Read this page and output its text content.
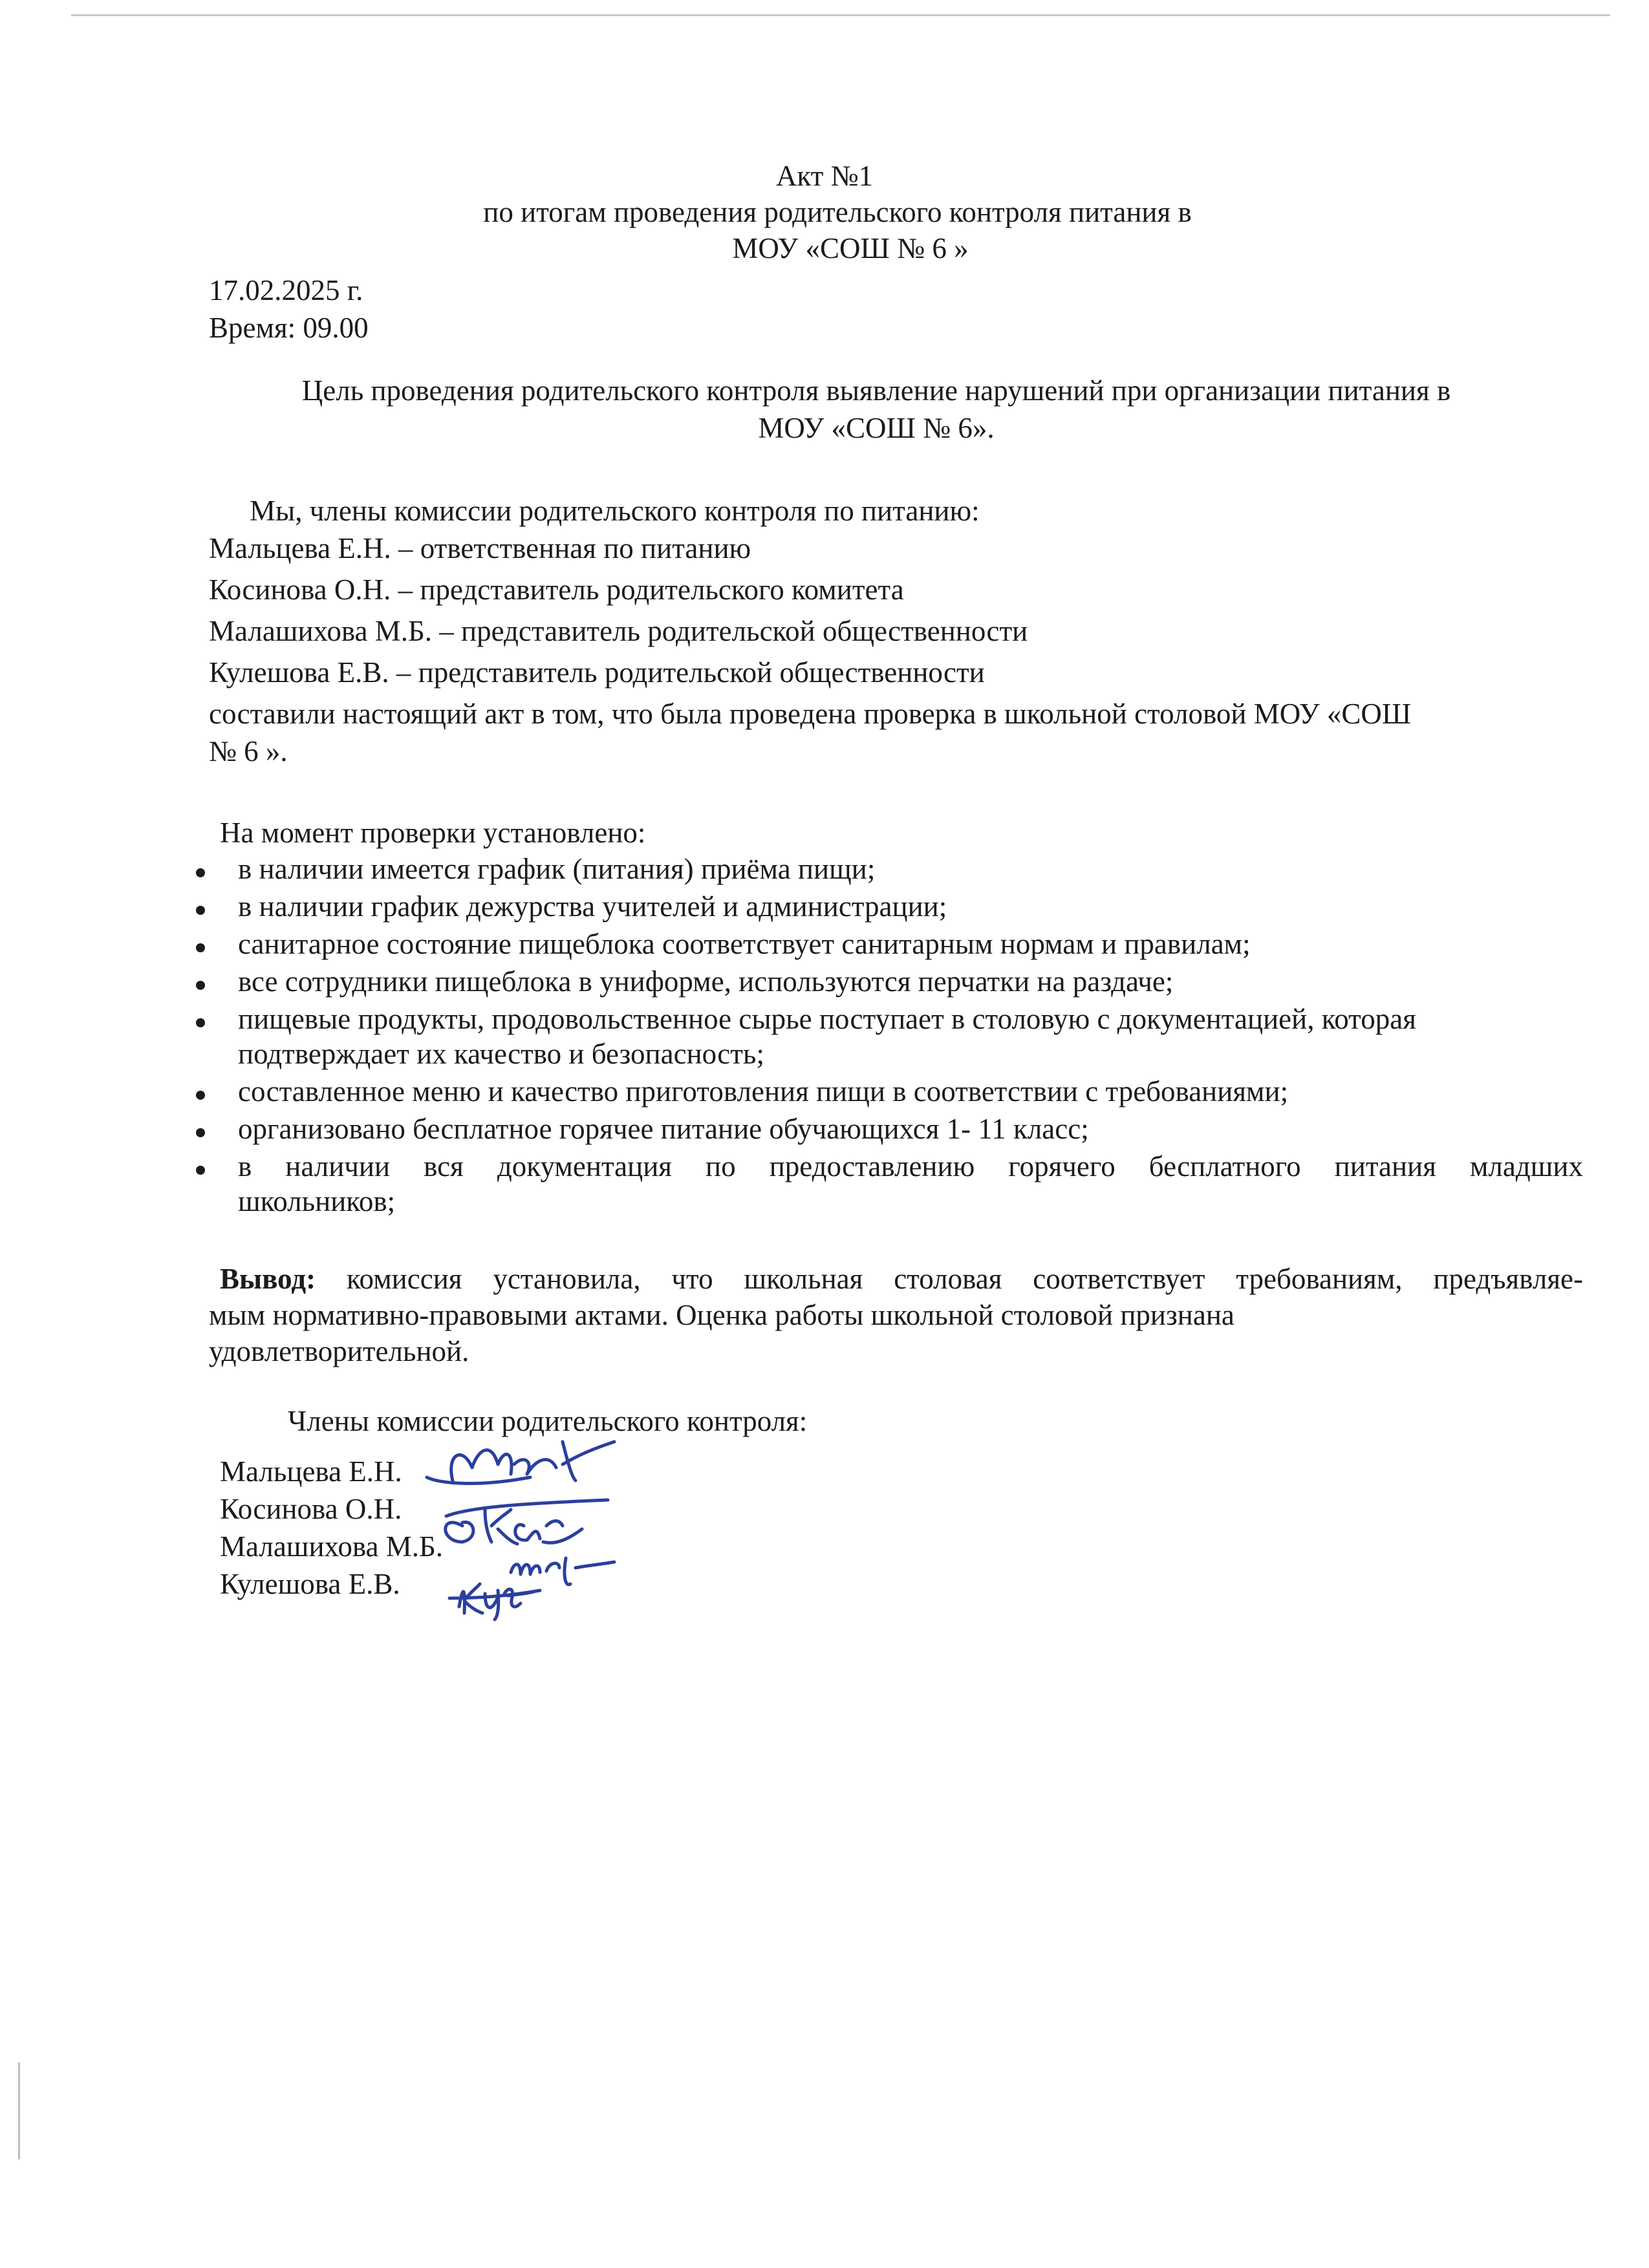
Акт №1
по итогам проведения родительского контроля питания в
МОУ «СОШ № 6 »
17.02.2025 г.
Время: 09.00
Цель проведения родительского контроля выявление нарушений при организации питания в
МОУ «СОШ № 6».
Мы, члены комиссии родительского контроля по питанию:
Мальцева Е.Н. – ответственная по питанию
Косинова О.Н. – представитель родительского комитета
Малашихова М.Б. – представитель родительской общественности
Кулешова Е.В. – представитель родительской общественности
составили настоящий акт в том, что была проведена проверка в школьной столовой МОУ «СОШ
№ 6 ».
На момент проверки установлено:
в наличии имеется график (питания) приёма пищи;
в наличии график дежурства учителей и администрации;
санитарное состояние пищеблока соответствует санитарным нормам и правилам;
все сотрудники пищеблока в униформе, используются перчатки на раздаче;
пищевые продукты, продовольственное сырье поступает в столовую с документацией, которая
подтверждает их качество и безопасность;
составленное меню и качество приготовления пищи в соответствии с требованиями;
организовано бесплатное горячее питание обучающихся 1- 11 класс;
в наличии вся документация по предоставлению горячего бесплатного питания младших
школьников;
Вывод: комиссия установила, что школьная столовая соответствует требованиям, предъявляе-
мым нормативно-правовыми актами. Оценка работы школьной столовой признана
удовлетворительной.
Члены комиссии родительского контроля:
Мальцева Е.Н.
Косинова О.Н.
Малашихова М.Б.
Кулешова Е.В.
